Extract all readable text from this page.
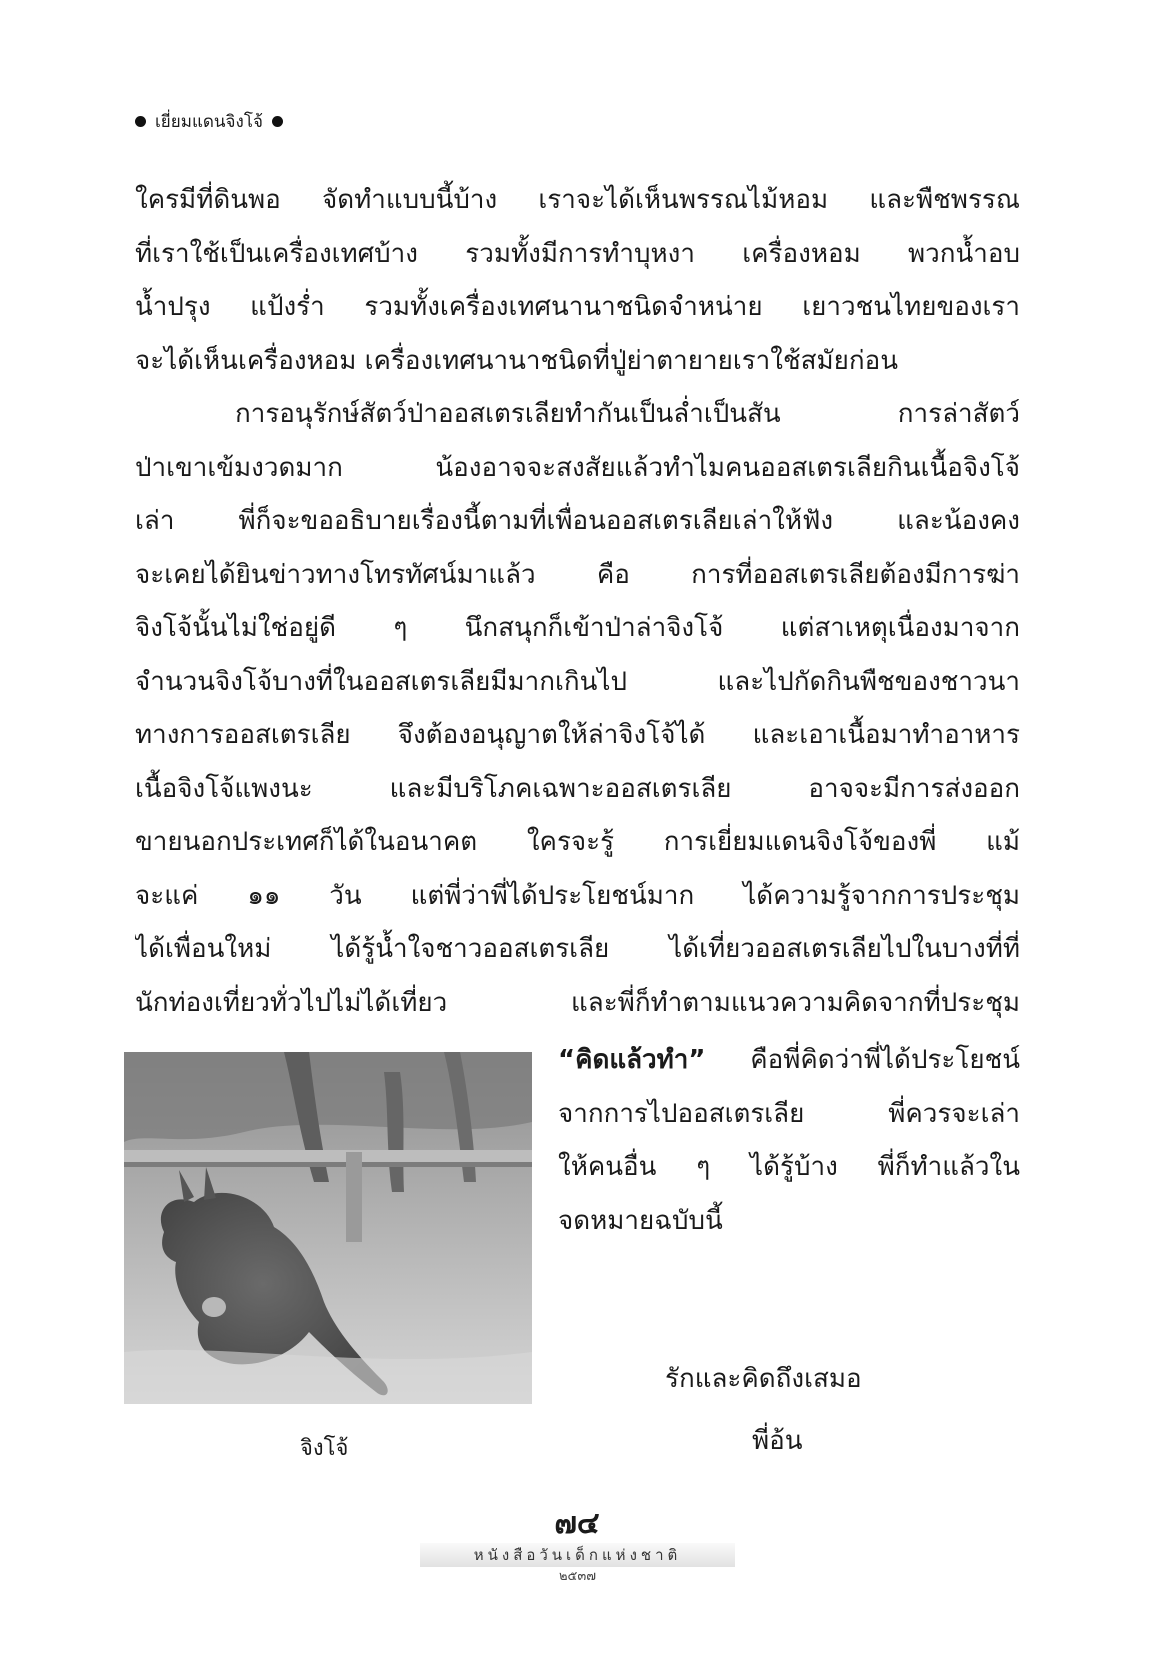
เยี่ยมแดนจิงโจ้
ใครมีที่ดินพอ จัดทำแบบนี้บ้าง เราจะได้เห็นพรรณไม้หอม และพืชพรรณ
ที่เราใช้เป็นเครื่องเทศบ้าง รวมทั้งมีการทำบุหงา เครื่องหอม พวกน้ำอบ
น้ำปรุง แป้งร่ำ รวมทั้งเครื่องเทศนานาชนิดจำหน่าย เยาวชนไทยของเรา
จะได้เห็นเครื่องหอม เครื่องเทศนานาชนิดที่ปู่ย่าตายายเราใช้สมัยก่อน
การอนุรักษ์สัตว์ป่าออสเตรเลียทำกันเป็นล่ำเป็นสัน การล่าสัตว์
ป่าเขาเข้มงวดมาก น้องอาจจะสงสัยแล้วทำไมคนออสเตรเลียกินเนื้อจิงโจ้
เล่า พี่ก็จะขออธิบายเรื่องนี้ตามที่เพื่อนออสเตรเลียเล่าให้ฟัง และน้องคง
จะเคยได้ยินข่าวทางโทรทัศน์มาแล้ว คือ การที่ออสเตรเลียต้องมีการฆ่า
จิงโจ้นั้นไม่ใช่อยู่ดี ๆ นึกสนุกก็เข้าป่าล่าจิงโจ้ แต่สาเหตุเนื่องมาจาก
จำนวนจิงโจ้บางที่ในออสเตรเลียมีมากเกินไป และไปกัดกินพืชของชาวนา
ทางการออสเตรเลีย จึงต้องอนุญาตให้ล่าจิงโจ้ได้ และเอาเนื้อมาทำอาหาร
เนื้อจิงโจ้แพงนะ และมีบริโภคเฉพาะออสเตรเลีย อาจจะมีการส่งออก
ขายนอกประเทศก็ได้ในอนาคต ใครจะรู้ การเยี่ยมแดนจิงโจ้ของพี่ แม้
จะแค่ ๑๑ วัน แต่พี่ว่าพี่ได้ประโยชน์มาก ได้ความรู้จากการประชุม
ได้เพื่อนใหม่ ได้รู้น้ำใจชาวออสเตรเลีย ได้เที่ยวออสเตรเลียไปในบางที่ที่
นักท่องเที่ยวทั่วไปไม่ได้เที่ยว และพี่ก็ทำตามแนวความคิดจากที่ประชุม
จิงโจ้
“คิดแล้วทำ” คือพี่คิดว่าพี่ได้ประโยชน์
จากการไปออสเตรเลีย พี่ควรจะเล่า
ให้คนอื่น ๆ ได้รู้บ้าง พี่ก็ทำแล้วใน
จดหมายฉบับนี้
รักและคิดถึงเสมอ
พี่อ้น
๗๔
หนังสือวันเด็กแห่งชาติ
๒๕๓๗
